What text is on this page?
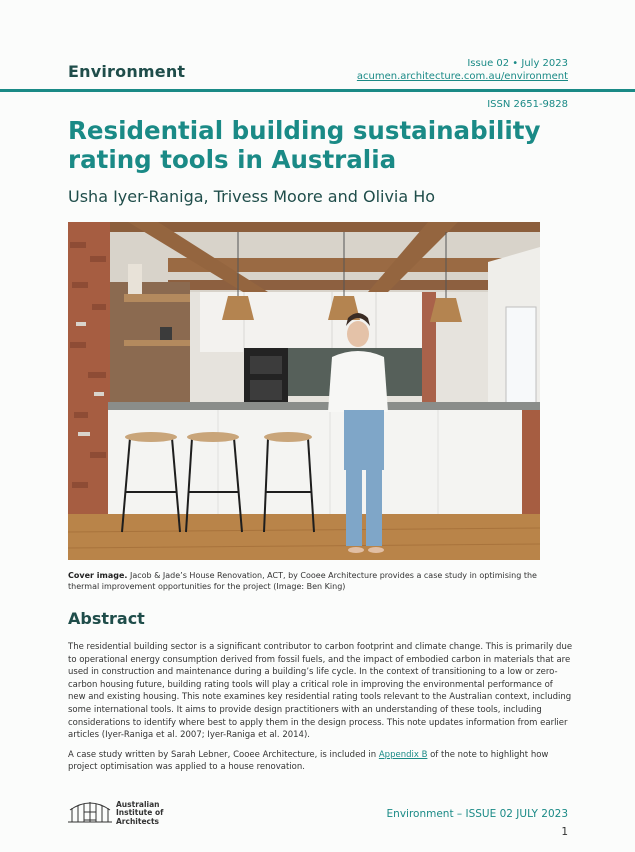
Environment	Issue 02 • July 2023
acumen.architecture.com.au/environment
ISSN 2651-9828
Residential building sustainability rating tools in Australia
Usha Iyer-Raniga, Trivess Moore and Olivia Ho
Cover image. Jacob & Jade’s House Renovation, ACT, by Cooee Architecture provides a case study in optimising the thermal improvement opportunities for the project (Image: Ben King)
Abstract

The residential building sector is a significant contributor to carbon footprint and climate change. This is primarily due to operational energy consumption derived from fossil fuels, and the impact of embodied carbon in materials that are used in construction and maintenance during a building’s life cycle. In the context of transitioning to a low or zero-carbon housing future, building rating tools will play a critical role in improving the environmental performance of new and existing housing. This note examines key residential rating tools relevant to the Australian context, including some international tools. It aims to provide design practitioners with an understanding of these tools, including considerations to identify where best to apply them in the design process. This note updates information from earlier articles (Iyer-Raniga et al. 2007; Iyer-Raniga et al. 2014).

A case study written by Sarah Lebner, Cooee Architecture, is included in Appendix B of the note to highlight how project optimisation was applied to a house renovation.

Australian
Institute of
Architects
Environment – ISSUE 02 JULY 2023
1
